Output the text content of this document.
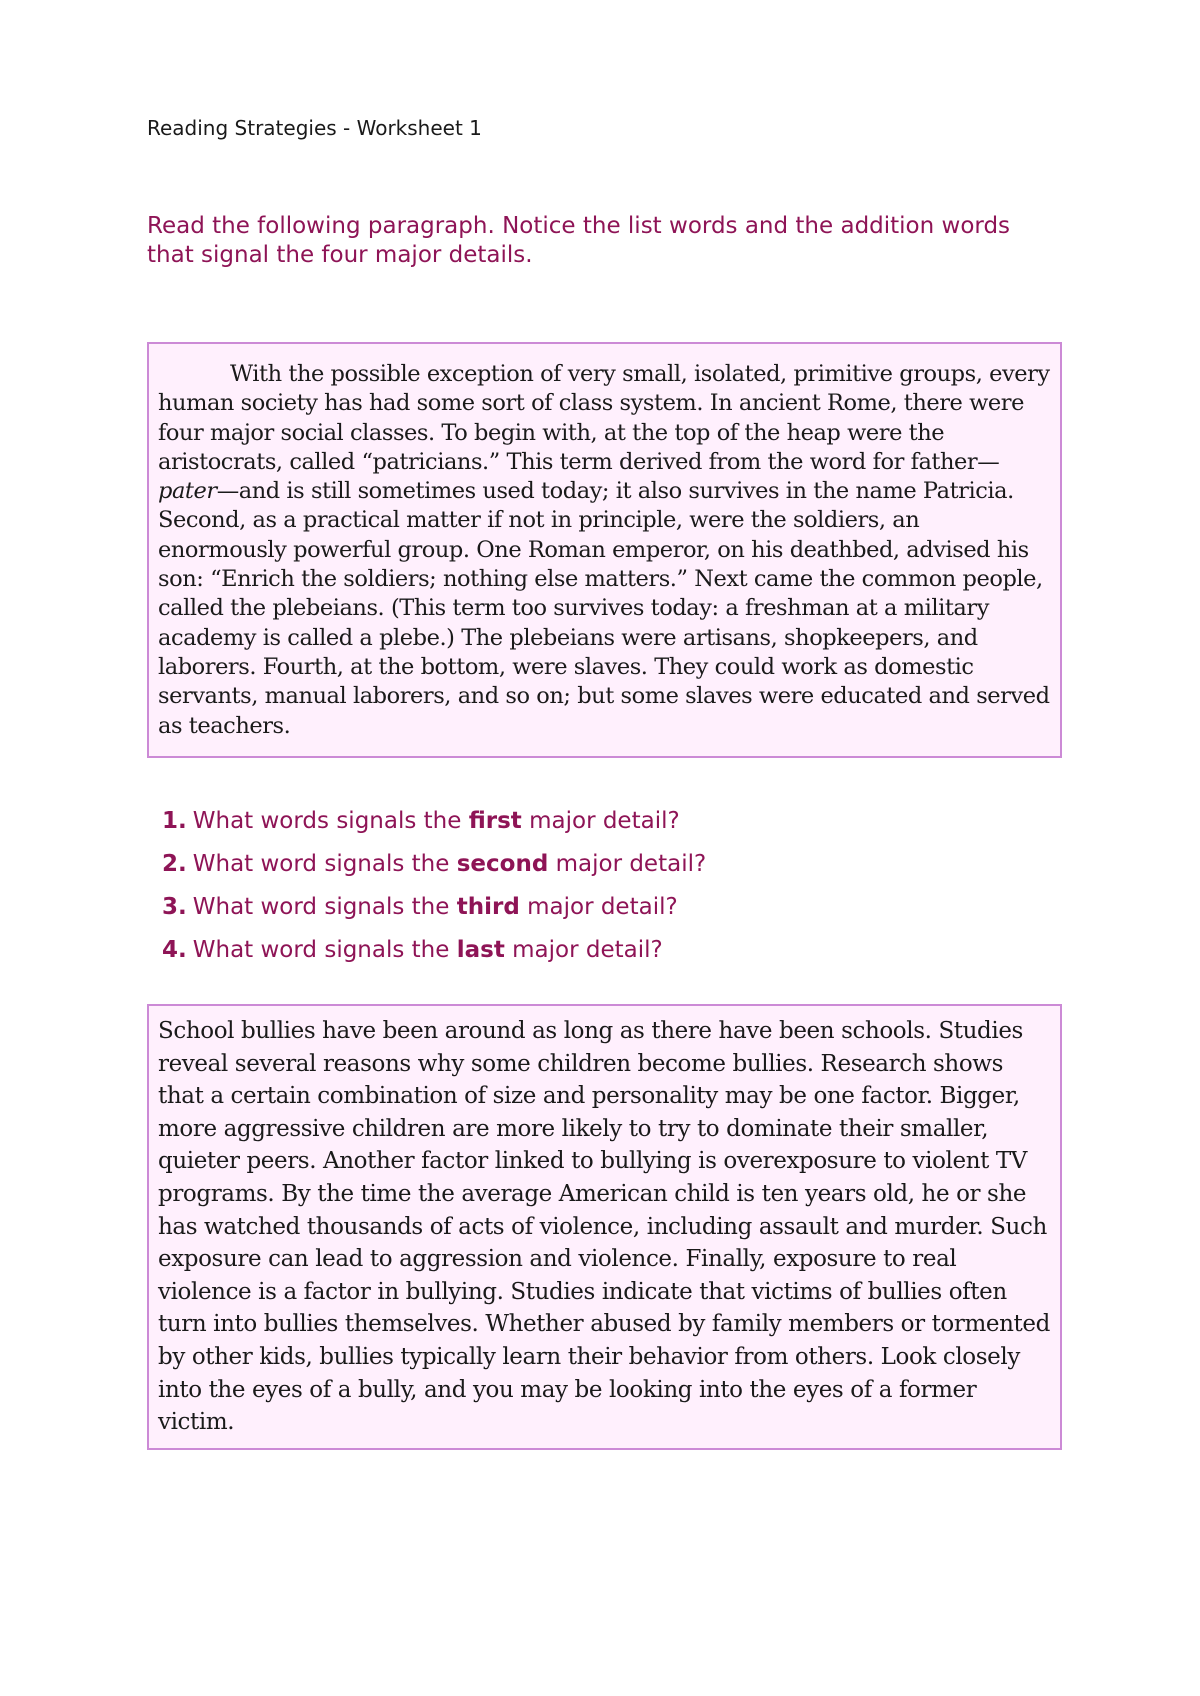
Reading Strategies - Worksheet 1
Read the following paragraph. Notice the list words and the addition words that signal the four major details.
With the possible exception of very small, isolated, primitive groups, every human society has had some sort of class system. In ancient Rome, there were four major social classes. To begin with, at the top of the heap were the aristocrats, called “patricians.” This term derived from the word for father—pater—and is still sometimes used today; it also survives in the name Patricia. Second, as a practical matter if not in principle, were the soldiers, an enormously powerful group. One Roman emperor, on his deathbed, advised his son: “Enrich the soldiers; nothing else matters.” Next came the common people, called the plebeians. (This term too survives today: a freshman at a military academy is called a plebe.) The plebeians were artisans, shopkeepers, and laborers. Fourth, at the bottom, were slaves. They could work as domestic servants, manual laborers, and so on; but some slaves were educated and served as teachers.
1. What words signals the first major detail?
2. What word signals the second major detail?
3. What word signals the third major detail?
4. What word signals the last major detail?
School bullies have been around as long as there have been schools. Studies reveal several reasons why some children become bullies. Research shows that a certain combination of size and personality may be one factor. Bigger, more aggressive children are more likely to try to dominate their smaller, quieter peers. Another factor linked to bullying is overexposure to violent TV programs. By the time the average American child is ten years old, he or she has watched thousands of acts of violence, including assault and murder. Such exposure can lead to aggression and violence. Finally, exposure to real violence is a factor in bullying. Studies indicate that victims of bullies often turn into bullies themselves. Whether abused by family members or tormented by other kids, bullies typically learn their behavior from others. Look closely into the eyes of a bully, and you may be looking into the eyes of a former victim.
